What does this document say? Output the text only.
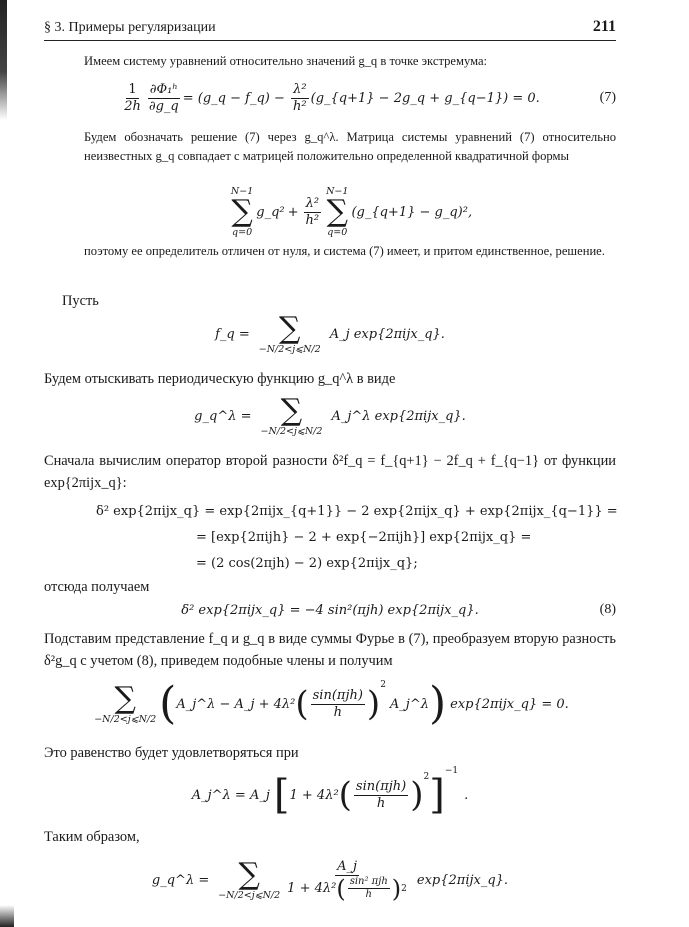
§ 3. Примеры регуляризации	211
Имеем систему уравнений относительно значений g_q в точке экстремума:
$\frac{1}{2h} \frac{\text{∂Φ₁ʰ}}{\partial g\_q}$ = (g_q − f_q) − $\frac{\text{λ²}}{\text{h²}}$ (g_{q+1} − 2g_q + g_{q−1}) = 0.	(7)
Будем обозначать решение (7) через g_q^λ. Матрица системы уравнений (7) относительно неизвестных g_q совпадает с матрицей положительно определенной квадратичной формы
N−1
∑
q=0
g_q² + $\frac{\text{λ²}}{\text{h²}}$
N−1
∑
q=0
(g_{q+1} − g_q)²,
поэтому ее определитель отличен от нуля, и система (7) имеет, и притом единственное, решение.
Пусть
f_q = ∑
−N/2<j⩽N/2
A_j exp{2πijx_q}.
Будем отыскивать периодическую функцию g_q^λ в виде
g_q^λ = ∑
−N/2<j⩽N/2
A_j^λ exp{2πijx_q}.
Сначала вычислим оператор второй разности δ²f_q = f_{q+1} − 2f_q + f_{q−1} от функции exp{2πijx_q}:
δ² exp{2πijx_q} = exp{2πijx_{q+1}} − 2 exp{2πijx_q} + exp{2πijx_{q−1}} =
= [exp{2πijh} − 2 + exp{−2πijh}] exp{2πijx_q} =
= (2 cos(2πjh) − 2) exp{2πijx_q};
отсюда получаем
δ² exp{2πijx_q} = −4 sin²(πjh) exp{2πijx_q}.	(8)
Подставим представление f_q и g_q в виде суммы Фурье в (7), преобразуем вторую разность δ²g_q с учетом (8), приведем подобные члены и получим
∑
−N/2<j⩽N/2 ( A_j^λ − A_j + 4λ² ( $\frac{\text{sin(πjh)}}{h} )^2$
A_j^λ ) exp{2πijx_q} = 0.
Это равенство будет удовлетворяться при
A_j^λ = A_j [ 1 + 4λ² ( $\frac{\text{sin(πjh)}}{h} )^2$ ]
$^{-1}$
.
Таким образом,
g_q^λ = ∑
−N/2<j⩽N/2
A_j
1 + 4λ² ( $\frac{\text{sin² πjh}}{h}$ ) 2
exp{2πijx_q}.
